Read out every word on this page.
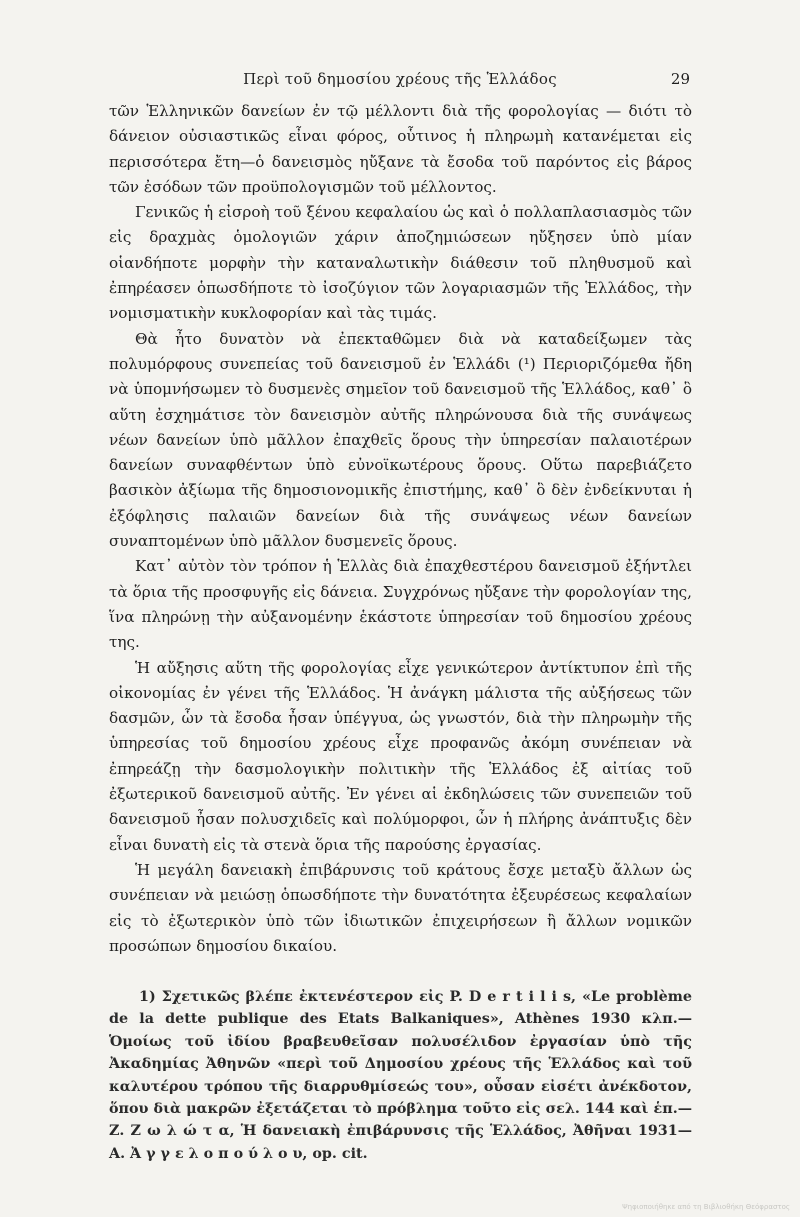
Περὶ τοῦ δημοσίου χρέους τῆς Ἑλλάδος	29

τῶν Ἑλληνικῶν δανείων ἐν τῷ μέλλοντι διὰ τῆς φορολογίας — διότι τὸ δάνειον οὐσιαστικῶς εἶναι φόρος, οὗτινος ἡ πληρωμὴ κατανέμεται εἰς περισσότερα ἔτη—ὁ δανεισμὸς ηὔξανε τὰ ἔσοδα τοῦ παρόντος εἰς βάρος τῶν ἐσόδων τῶν προϋπολογισμῶν τοῦ μέλλοντος.

Γενικῶς ἡ εἰσροὴ τοῦ ξένου κεφαλαίου ὡς καὶ ὁ πολλαπλασιασμὸς τῶν εἰς δραχμὰς ὁμολογιῶν χάριν ἀποζημιώσεων ηὔξησεν ὑπὸ μίαν οἱανδήποτε μορφὴν τὴν καταναλωτικὴν διάθεσιν τοῦ πληθυσμοῦ καὶ ἐπηρέασεν ὁπωσδήποτε τὸ ἰσοζύγιον τῶν λογαριασμῶν τῆς Ἑλλάδος, τὴν νομισματικὴν κυκλοφορίαν καὶ τὰς τιμάς.

Θὰ ἦτο δυνατὸν νὰ ἐπεκταθῶμεν διὰ νὰ καταδείξωμεν τὰς πολυμόρφους συνεπείας τοῦ δανεισμοῦ ἐν Ἑλλάδι (¹) Περιοριζόμεθα ἤδη νὰ ὑπομνήσωμεν τὸ δυσμενὲς σημεῖον τοῦ δανεισμοῦ τῆς Ἑλλάδος, καθ᾽ ὃ αὕτη ἐσχημάτισε τὸν δανεισμὸν αὐτῆς πληρώνουσα διὰ τῆς συνάψεως νέων δανείων ὑπὸ μᾶλλον ἐπαχθεῖς ὅρους τὴν ὑπηρεσίαν παλαιοτέρων δανείων συναφθέντων ὑπὸ εὐνοϊκωτέρους ὅρους. Οὕτω παρεβιάζετο βασικὸν ἀξίωμα τῆς δημοσιονομικῆς ἐπιστήμης, καθ᾽ ὃ δὲν ἐνδείκνυται ἡ ἐξόφλησις παλαιῶν δανείων διὰ τῆς συνάψεως νέων δανείων συναπτομένων ὑπὸ μᾶλλον δυσμενεῖς ὅρους.

Κατ᾽ αὐτὸν τὸν τρόπον ἡ Ἑλλὰς διὰ ἐπαχθεστέρου δανεισμοῦ ἐξήντλει τὰ ὅρια τῆς προσφυγῆς εἰς δάνεια. Συγχρόνως ηὔξανε τὴν φορολογίαν της, ἵνα πληρώνῃ τὴν αὐξανομένην ἑκάστοτε ὑπηρεσίαν τοῦ δημοσίου χρέους της.

Ἡ αὔξησις αὕτη τῆς φορολογίας εἶχε γενικώτερον ἀντίκτυπον ἐπὶ τῆς οἰκονομίας ἐν γένει τῆς Ἑλλάδος. Ἡ ἀνάγκη μάλιστα τῆς αὐξήσεως τῶν δασμῶν, ὧν τὰ ἔσοδα ἦσαν ὑπέγγυα, ὡς γνωστόν, διὰ τὴν πληρωμὴν τῆς ὑπηρεσίας τοῦ δημοσίου χρέους εἶχε προφανῶς ἀκόμη συνέπειαν νὰ ἐπηρεάζῃ τὴν δασμολογικὴν πολιτικὴν τῆς Ἑλλάδος ἐξ αἰτίας τοῦ ἐξωτερικοῦ δανεισμοῦ αὐτῆς. Ἐν γένει αἱ ἐκδηλώσεις τῶν συνεπειῶν τοῦ δανεισμοῦ ἦσαν πολυσχιδεῖς καὶ πολύμορφοι, ὧν ἡ πλήρης ἀνάπτυξις δὲν εἶναι δυνατὴ εἰς τὰ στενὰ ὅρια τῆς παρούσης ἐργασίας.

Ἡ μεγάλη δανειακὴ ἐπιβάρυνσις τοῦ κράτους ἔσχε μεταξὺ ἄλλων ὡς συνέπειαν νὰ μειώσῃ ὁπωσδήποτε τὴν δυνατότητα ἐξευρέσεως κεφαλαίων εἰς τὸ ἐξωτερικὸν ὑπὸ τῶν ἰδιωτικῶν ἐπιχειρήσεων ἢ ἄλλων νομικῶν προσώπων δημοσίου δικαίου.

1) Σχετικῶς βλέπε ἐκτενέστερον εἰς P. D e r t i l i s, «Le problème de la dette publique des Etats Balkaniques», Athènes 1930 κλπ.—Ὁμοίως τοῦ ἰδίου βραβευθεῖσαν πολυσέλιδον ἐργασίαν ὑπὸ τῆς Ἀκαδημίας Ἀθηνῶν «περὶ τοῦ Δημοσίου χρέους τῆς Ἑλλάδος καὶ τοῦ καλυτέρου τρόπου τῆς διαρρυθμίσεώς του», οὖσαν εἰσέτι ἀνέκδοτον, ὅπου διὰ μακρῶν ἐξετάζεται τὸ πρόβλημα τοῦτο εἰς σελ. 144 καὶ ἑπ.—Ζ. Ζ ω λ ώ τ α, Ἡ δανειακὴ ἐπιβάρυνσις τῆς Ἑλλάδος, Ἀθῆναι 1931— Α. Ἀ γ γ ε λ ο π ο ύ λ ο υ, op. cit.

Ψηφιοποιήθηκε από τη Βιβλιοθήκη Θεόφραστος
